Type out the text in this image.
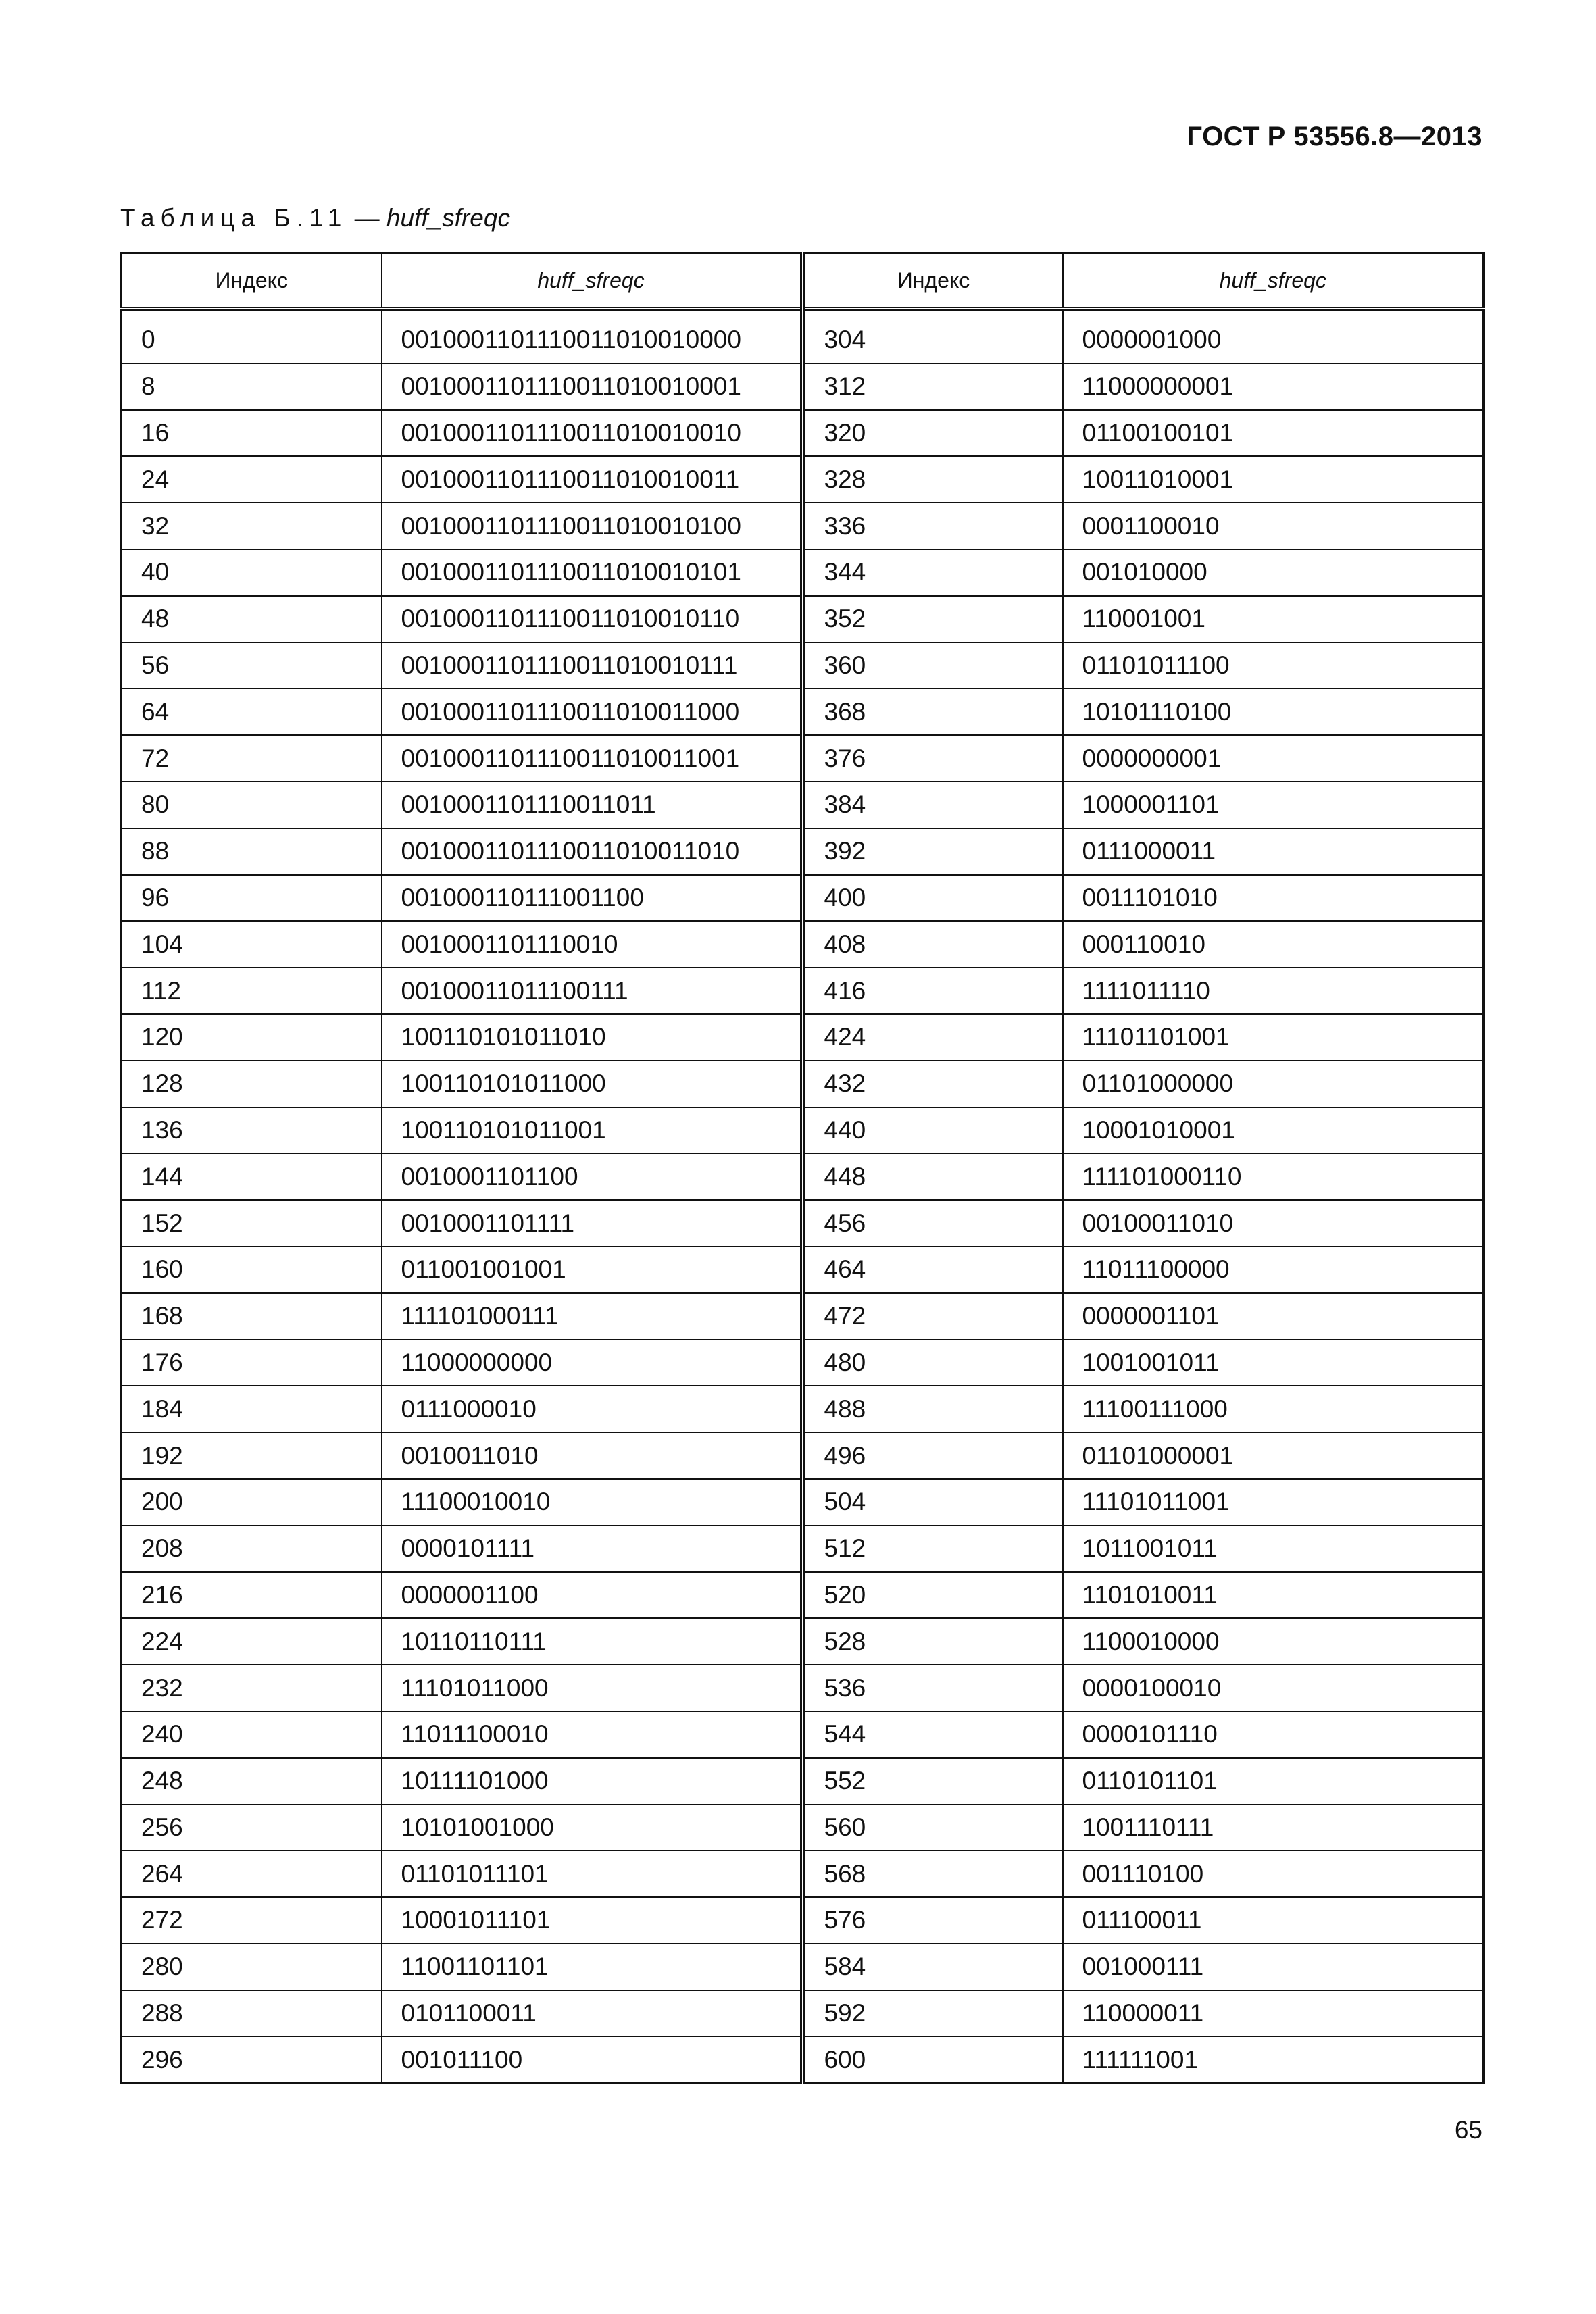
ГОСТ Р 53556.8—2013
Таблица Б.11 — huff_sfreqc
Индекс	huff_sfreqc	Индекс	huff_sfreqc
0	0010001101110011010010000	304	0000001000
8	0010001101110011010010001	312	11000000001
16	0010001101110011010010010	320	01100100101
24	0010001101110011010010011	328	10011010001
32	0010001101110011010010100	336	0001100010
40	0010001101110011010010101	344	001010000
48	0010001101110011010010110	352	110001001
56	0010001101110011010010111	360	01101011100
64	0010001101110011010011000	368	10101110100
72	0010001101110011010011001	376	0000000001
80	0010001101110011011	384	1000001101
88	0010001101110011010011010	392	0111000011
96	001000110111001100	400	0011101010
104	0010001101110010	408	000110010
112	00100011011100111	416	1111011110
120	100110101011010	424	11101101001
128	100110101011000	432	01101000000
136	100110101011001	440	10001010001
144	0010001101100	448	111101000110
152	0010001101111	456	00100011010
160	011001001001	464	11011100000
168	111101000111	472	0000001101
176	11000000000	480	1001001011
184	0111000010	488	11100111000
192	0010011010	496	01101000001
200	11100010010	504	11101011001
208	0000101111	512	1011001011
216	0000001100	520	1101010011
224	10110110111	528	1100010000
232	11101011000	536	0000100010
240	11011100010	544	0000101110
248	10111101000	552	0110101101
256	10101001000	560	1001110111
264	01101011101	568	001110100
272	10001011101	576	011100011
280	11001101101	584	001000111
288	0101100011	592	110000011
296	001011100	600	111111001
65
